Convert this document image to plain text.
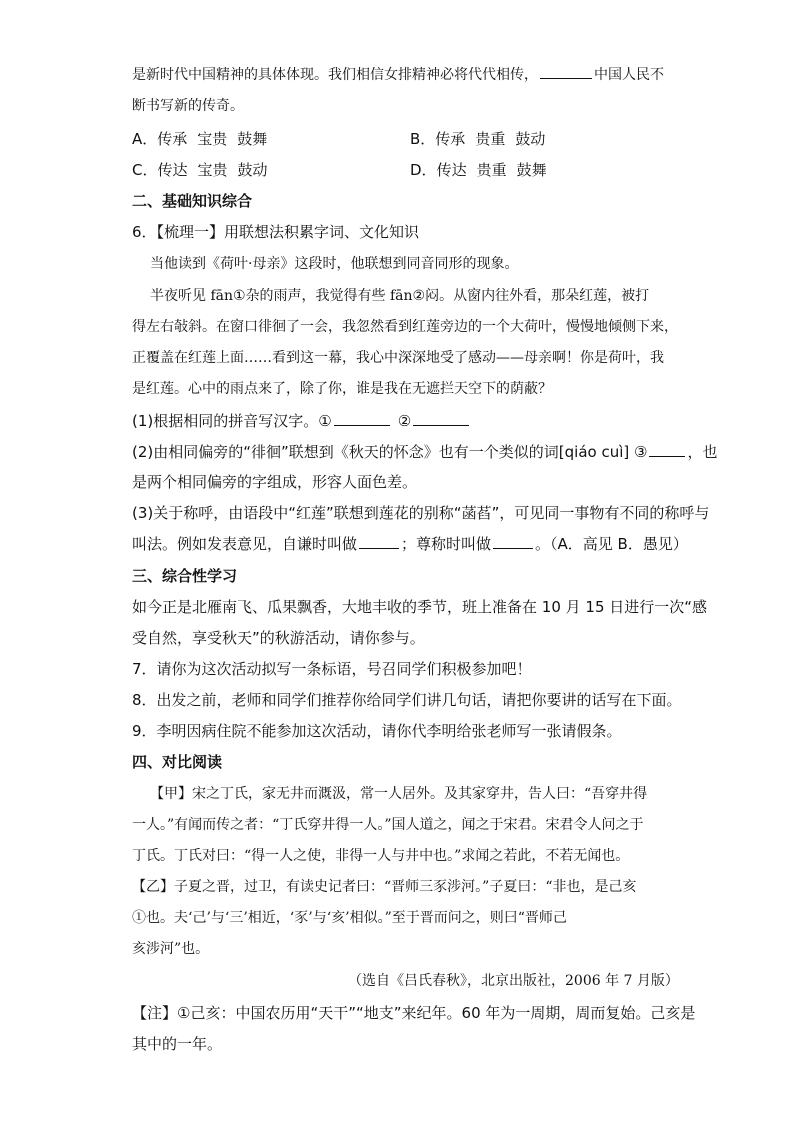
是新时代中国精神的具体体现。我们相信女排精神必将代代相传，	中国人民不
断书写新的传奇。
A．传承 宝贵 鼓舞	B．传承 贵重 鼓动
C．传达 宝贵 鼓动	D．传达 贵重 鼓舞
二、基础知识综合
6．【梳理一】用联想法积累字词、文化知识
当他读到《荷叶·母亲》这段时，他联想到同音同形的现象。
半夜听见 fān①杂的雨声，我觉得有些 fān②闷。从窗内往外看，那朵红莲，被打
得左右敧斜。在窗口徘徊了一会，我忽然看到红莲旁边的一个大荷叶，慢慢地倾侧下来，
正覆盖在红莲上面……看到这一幕，我心中深深地受了感动——母亲啊！你是荷叶，我
是红莲。心中的雨点来了，除了你，谁是我在无遮拦天空下的荫蔽？
(1)根据相同的拼音写汉字。①	②
(2)由相同偏旁的“徘徊”联想到《秋天的怀念》也有一个类似的词[qiáo cuì] ③	，也
是两个相同偏旁的字组成，形容人面色差。
(3)关于称呼，由语段中“红莲”联想到莲花的别称“菡萏”，可见同一事物有不同的称呼与
叫法。例如发表意见，自谦时叫做	；尊称时叫做	。（A．高见 B．愚见）
三、综合性学习
如今正是北雁南飞、瓜果飘香，大地丰收的季节，班上准备在 10 月 15 日进行一次“感
受自然，享受秋天”的秋游活动，请你参与。
7．请你为这次活动拟写一条标语，号召同学们积极参加吧！
8．出发之前，老师和同学们推荐你给同学们讲几句话，请把你要讲的话写在下面。
9．李明因病住院不能参加这次活动，请你代李明给张老师写一张请假条。
四、对比阅读
【甲】宋之丁氏，家无井而溉汲，常一人居外。及其家穿井，告人曰：“吾穿井得
一人。”有闻而传之者：“丁氏穿井得一人。”国人道之，闻之于宋君。宋君令人问之于
丁氏。丁氏对曰：“得一人之使，非得一人与井中也。”求闻之若此，不若无闻也。
【乙】子夏之晋，过卫，有读史记者曰：“晋师三豕涉河。”子夏曰：“非也，是己亥
①也。夫‘己’与‘三’相近，‘豕’与‘亥’相似。”至于晋而问之，则曰“晋师己
亥涉河”也。
（选自《吕氏春秋》，北京出版社，2006 年 7 月版）
【注】①己亥：中国农历用“天干”“地支”来纪年。60 年为一周期，周而复始。己亥是
其中的一年。
